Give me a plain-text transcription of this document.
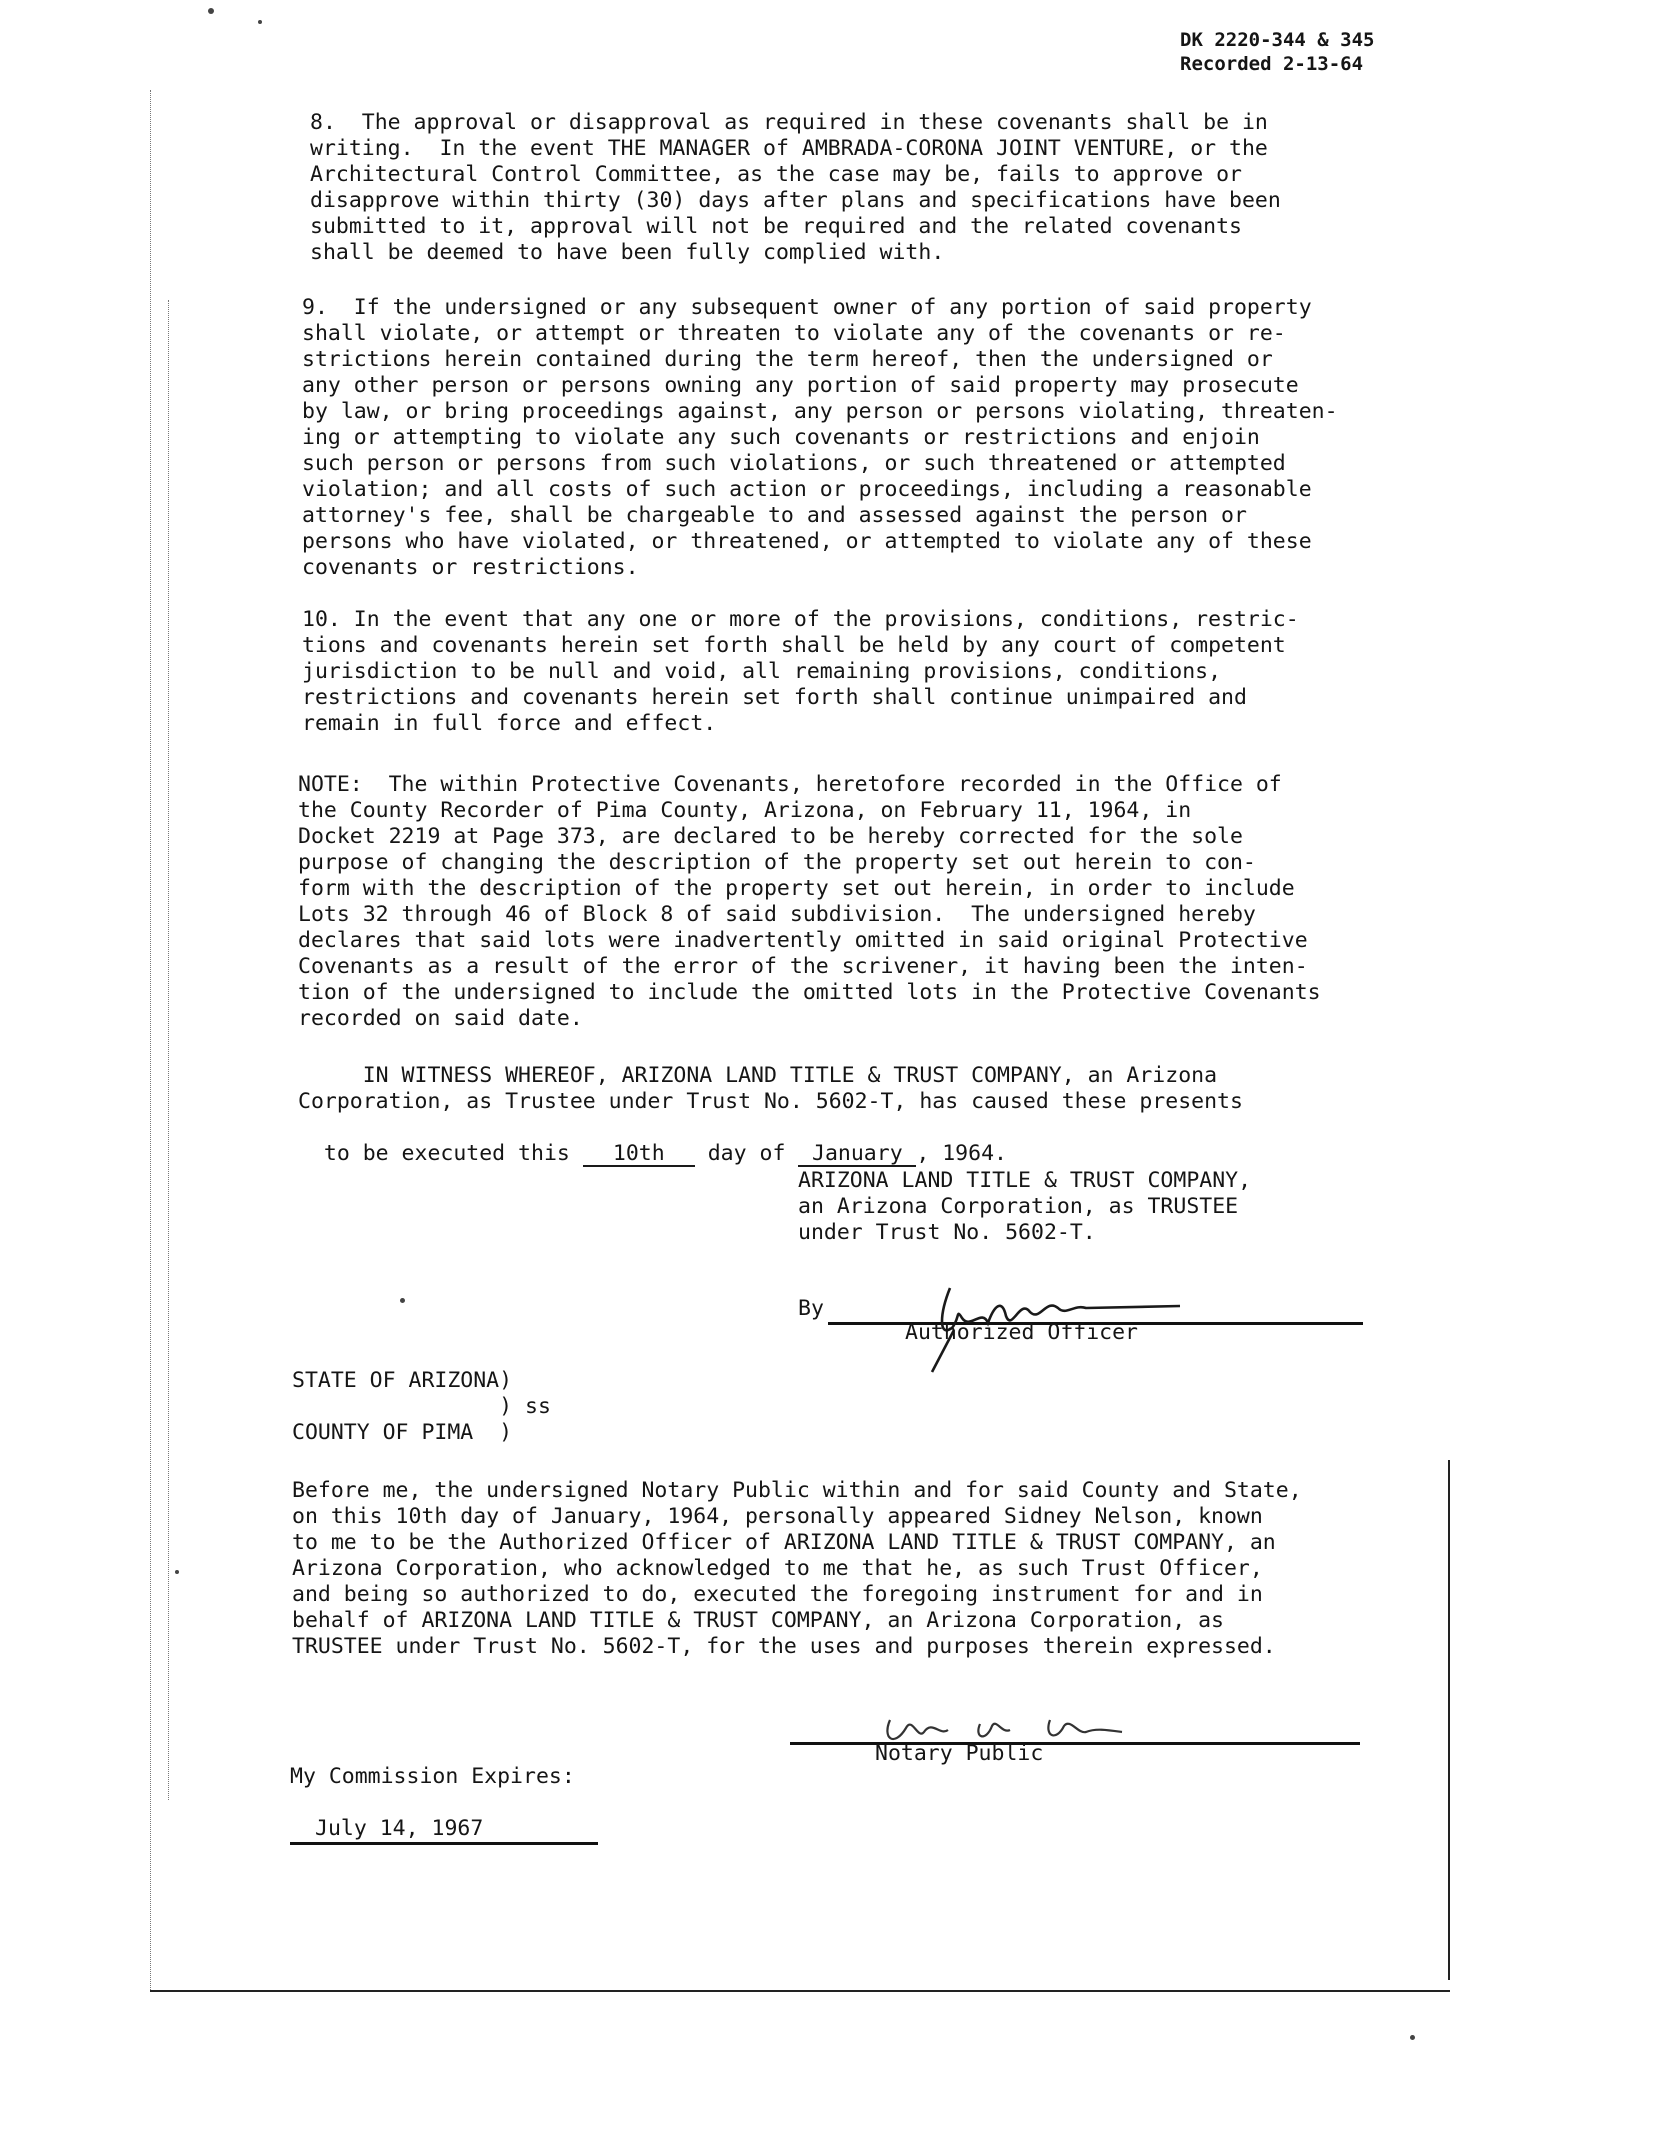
DK 2220-344 & 345
Recorded 2-13-64
8.  The approval or disapproval as required in these covenants shall be in
writing.  In the event THE MANAGER of AMBRADA-CORONA JOINT VENTURE, or the
Architectural Control Committee, as the case may be, fails to approve or
disapprove within thirty (30) days after plans and specifications have been
submitted to it, approval will not be required and the related covenants
shall be deemed to have been fully complied with.
9.  If the undersigned or any subsequent owner of any portion of said property
shall violate, or attempt or threaten to violate any of the covenants or re-
strictions herein contained during the term hereof, then the undersigned or
any other person or persons owning any portion of said property may prosecute
by law, or bring proceedings against, any person or persons violating, threaten-
ing or attempting to violate any such covenants or restrictions and enjoin
such person or persons from such violations, or such threatened or attempted
violation; and all costs of such action or proceedings, including a reasonable
attorney's fee, shall be chargeable to and assessed against the person or
persons who have violated, or threatened, or attempted to violate any of these
covenants or restrictions.
10. In the event that any one or more of the provisions, conditions, restric-
tions and covenants herein set forth shall be held by any court of competent
jurisdiction to be null and void, all remaining provisions, conditions,
restrictions and covenants herein set forth shall continue unimpaired and
remain in full force and effect.
NOTE:  The within Protective Covenants, heretofore recorded in the Office of
the County Recorder of Pima County, Arizona, on February 11, 1964, in
Docket 2219 at Page 373, are declared to be hereby corrected for the sole
purpose of changing the description of the property set out herein to con-
form with the description of the property set out herein, in order to include
Lots 32 through 46 of Block 8 of said subdivision.  The undersigned hereby
declares that said lots were inadvertently omitted in said original Protective
Covenants as a result of the error of the scrivener, it having been the inten-
tion of the undersigned to include the omitted lots in the Protective Covenants
recorded on said date.
IN WITNESS WHEREOF, ARIZONA LAND TITLE & TRUST COMPANY, an Arizona
Corporation, as Trustee under Trust No. 5602-T, has caused these presents

to be executed this 10th day of January , 1964.

ARIZONA LAND TITLE & TRUST COMPANY,
an Arizona Corporation, as TRUSTEE
under Trust No. 5602-T.
By
Authorized Officer
STATE OF ARIZONA)
) ss
COUNTY OF PIMA  )
Before me, the undersigned Notary Public within and for said County and State,
on this 10th day of January, 1964, personally appeared Sidney Nelson, known
to me to be the Authorized Officer of ARIZONA LAND TITLE & TRUST COMPANY, an
Arizona Corporation, who acknowledged to me that he, as such Trust Officer,
and being so authorized to do, executed the foregoing instrument for and in
behalf of ARIZONA LAND TITLE & TRUST COMPANY, an Arizona Corporation, as
TRUSTEE under Trust No. 5602-T, for the uses and purposes therein expressed.
Notary Public
My Commission Expires:
July 14, 1967
